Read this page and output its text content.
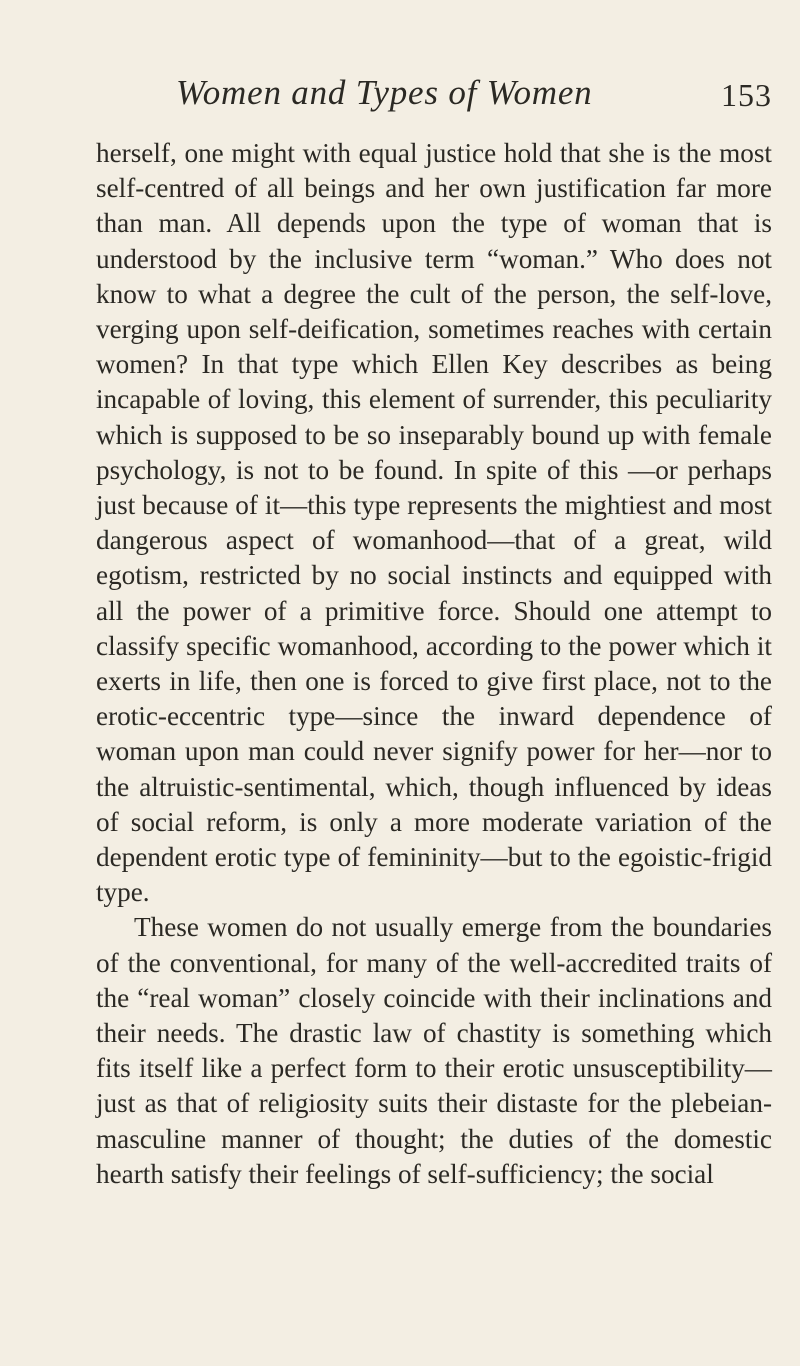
Women and Types of Women	153

herself, one might with equal justice hold that she is the most self-centred of all beings and her own justification far more than man. All depends upon the type of woman that is understood by the inclusive term “woman.” Who does not know to what a degree the cult of the person, the self-love, verging upon self-deification, sometimes reaches with certain women? In that type which Ellen Key describes as being incapable of loving, this element of surrender, this peculiarity which is supposed to be so inseparably bound up with female psychology, is not to be found. In spite of this —or perhaps just because of it—this type represents the mightiest and most dangerous aspect of womanhood—that of a great, wild egotism, restricted by no social instincts and equipped with all the power of a primitive force. Should one attempt to classify specific womanhood, according to the power which it exerts in life, then one is forced to give first place, not to the erotic-eccentric type—since the inward dependence of woman upon man could never signify power for her—nor to the altruistic-sentimental, which, though influenced by ideas of social reform, is only a more moderate variation of the dependent erotic type of femininity—but to the egoistic-frigid type.

These women do not usually emerge from the boundaries of the conventional, for many of the well-accredited traits of the “real woman” closely coincide with their inclinations and their needs. The drastic law of chastity is something which fits itself like a perfect form to their erotic unsusceptibility—just as that of religiosity suits their distaste for the plebeian-masculine manner of thought; the duties of the domestic hearth satisfy their feelings of self-sufficiency; the social
